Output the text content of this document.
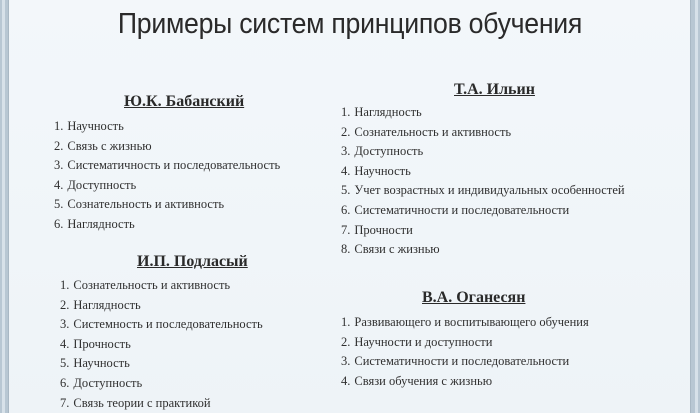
Примеры систем принципов обучения
Ю.К. Бабанский
1. Научность
2. Связь с жизнью
3. Систематичность и последовательность
4. Доступность
5. Сознательность и активность
6. Наглядность
И.П. Подласый
1. Сознательность и активность
2. Наглядность
3. Системность и последовательность
4. Прочность
5. Научность
6. Доступность
7. Связь теории с практикой
Т.А. Ильин
1. Наглядность
2. Сознательность и активность
3. Доступность
4. Научность
5. Учет возрастных и индивидуальных особенностей
6. Систематичности и последовательности
7. Прочности
8. Связи с жизнью
В.А. Оганесян
1. Развивающего и воспитывающего обучения
2. Научности и доступности
3. Систематичности и последовательности
4. Связи обучения с жизнью
